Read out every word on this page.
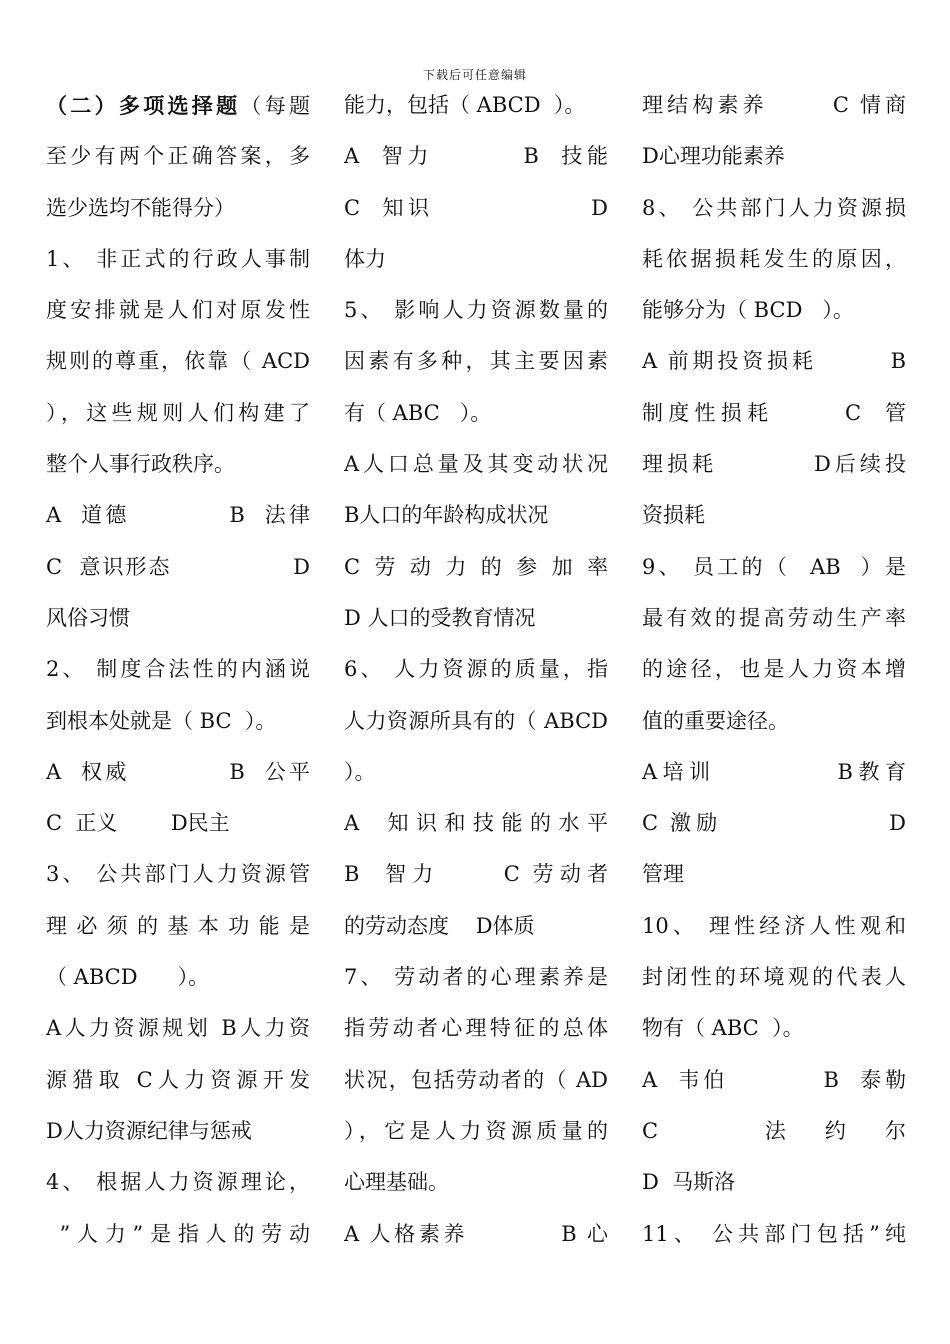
下载后可任意编辑
（二）多项选择题（每题
至少有两个正确答案，多
选少选均不能得分）
1、 非正式的行政人事制
度安排就是人们对原发性
规则的尊重，依靠（ ACD
），这些规则人们构建了
整个人事行政秩序。
A  道德          B  法律
C  意识形态              D
风俗习惯
2、 制度合法性的内涵说
到根本处就是（ BC  ）。
A  权威          B  公平
C  正义        D民主
3、 公共部门人力资源管
理必须的基本功能是
（ ABCD      ）。
A人力资源规划 B人力资
源猎取 C人力资源开发
D人力资源纪律与惩戒
4、 根据人力资源理论，
”人力”是指人的劳动
能力，包括（ ABCD  ）。
A  智力        B  技能
C  知识              D
体力
5、 影响人力资源数量的
因素有多种，其主要因素
有（ ABC   ）。
A人口总量及其变动状况
B人口的年龄构成状况
C劳动力的参加率
D 人口的受教育情况
6、 人力资源的质量，指
人力资源所具有的（ ABCD
）。
A  知识和技能的水平
B  智力     C 劳动者
的劳动态度    D体质
7、 劳动者的心理素养是
指劳动者心理特征的总体
状况，包括劳动者的（ AD
），它是人力资源质量的
心理基础。
A 人格素养         B 心
理结构素养      C 情商
D心理功能素养
8、 公共部门人力资源损
耗依据损耗发生的原因，
能够分为（ BCD   ）。
A 前期投资损耗       B
制度性损耗      C  管
理损耗         D后续投
资损耗
9、 员工的（  AB  ）是
最有效的提高劳动生产率
的途径，也是人力资本增
值的重要途径。
A培训          B教育
C 激励              D
管理
10、 理性经济人性观和
封闭性的环境观的代表人
物有（ ABC  ）。
A  韦伯         B  泰勒
C       法  约  尔
D  马斯洛
11、 公共部门包括”纯
